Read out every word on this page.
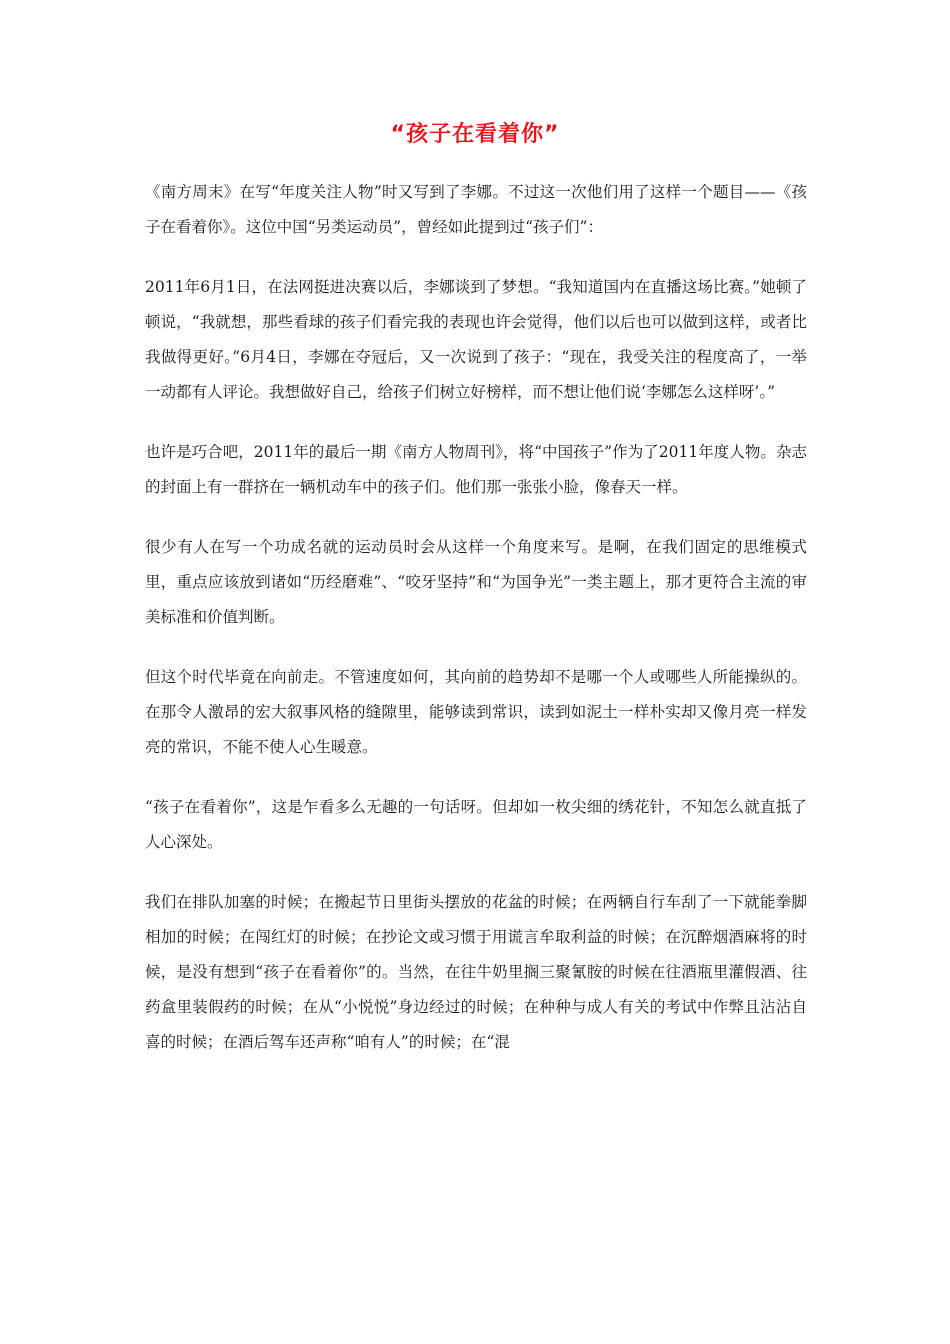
“孩子在看着你”

《南方周末》在写“年度关注人物”时又写到了李娜。不过这一次他们用了这样一个题目——《孩子在看着你》。这位中国“另类运动员”，曾经如此提到过“孩子们”：

2011年6月1日，在法网挺进决赛以后，李娜谈到了梦想。“我知道国内在直播这场比赛。”她顿了顿说，“我就想，那些看球的孩子们看完我的表现也许会觉得，他们以后也可以做到这样，或者比我做得更好。”6月4日，李娜在夺冠后，又一次说到了孩子：“现在，我受关注的程度高了，一举一动都有人评论。我想做好自己，给孩子们树立好榜样，而不想让他们说‘李娜怎么这样呀’。”

也许是巧合吧，2011年的最后一期《南方人物周刊》，将“中国孩子”作为了2011年度人物。杂志的封面上有一群挤在一辆机动车中的孩子们。他们那一张张小脸，像春天一样。

很少有人在写一个功成名就的运动员时会从这样一个角度来写。是啊，在我们固定的思维模式里，重点应该放到诸如“历经磨难”、“咬牙坚持”和“为国争光”一类主题上，那才更符合主流的审美标准和价值判断。

但这个时代毕竟在向前走。不管速度如何，其向前的趋势却不是哪一个人或哪些人所能操纵的。在那令人激昂的宏大叙事风格的缝隙里，能够读到常识，读到如泥土一样朴实却又像月亮一样发亮的常识，不能不使人心生暖意。

“孩子在看着你”，这是乍看多么无趣的一句话呀。但却如一枚尖细的绣花针，不知怎么就直抵了人心深处。

我们在排队加塞的时候；在搬起节日里街头摆放的花盆的时候；在两辆自行车刮了一下就能拳脚相加的时候；在闯红灯的时候；在抄论文或习惯于用谎言牟取利益的时候；在沉醉烟酒麻将的时候，是没有想到“孩子在看着你”的。当然，在往牛奶里搁三聚氰胺的时候在往酒瓶里灌假酒、往药盒里装假药的时候；在从“小悦悦”身边经过的时候；在种种与成人有关的考试中作弊且沾沾自喜的时候；在酒后驾车还声称“咱有人”的时候；在“混
